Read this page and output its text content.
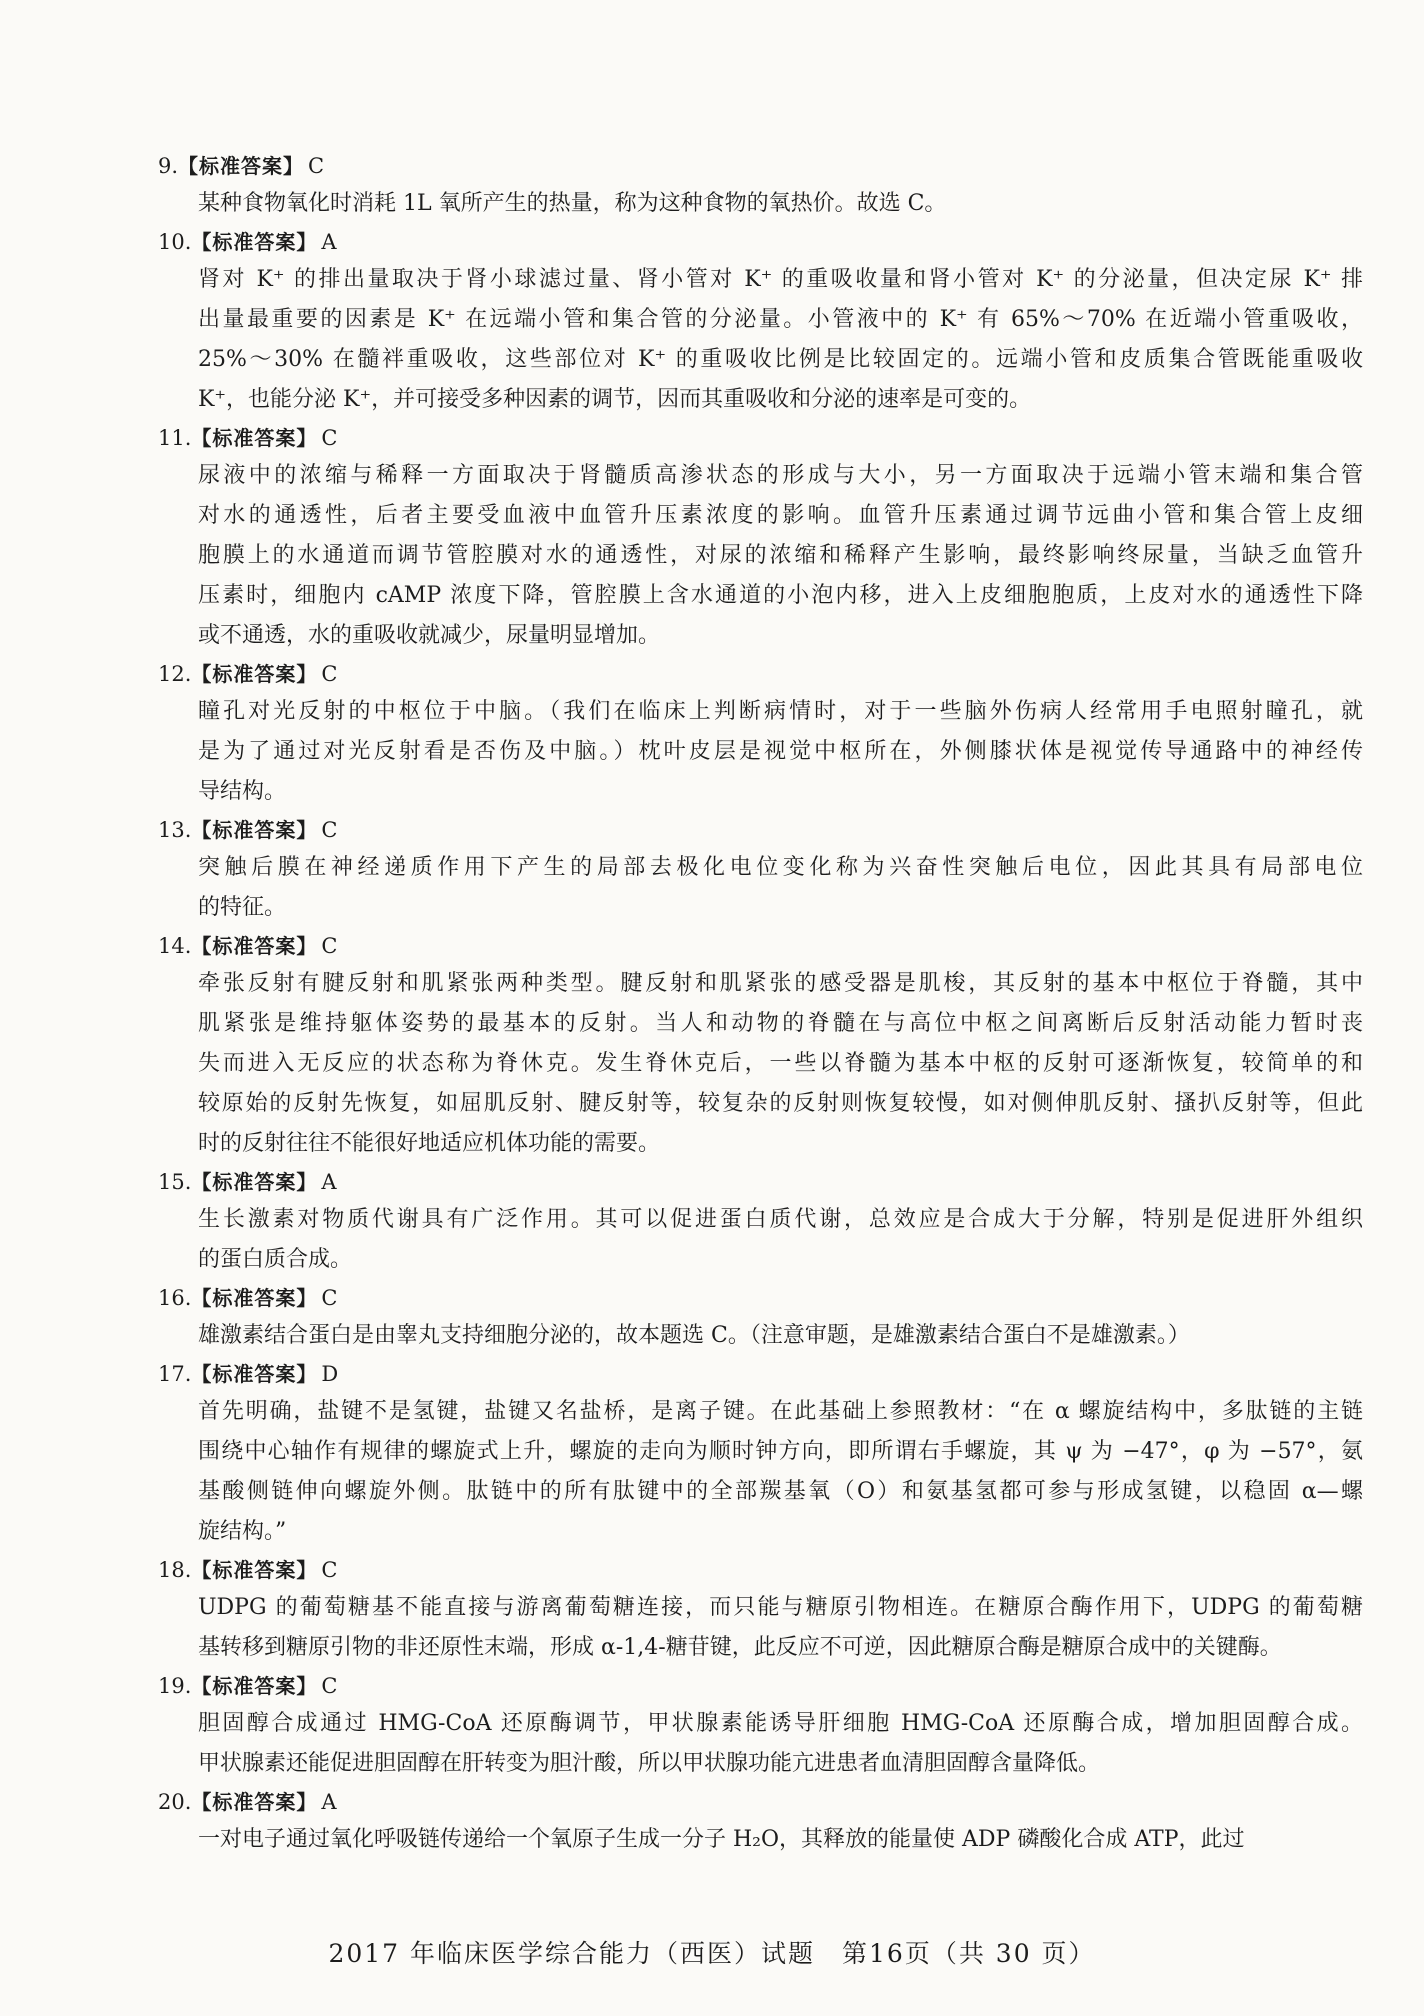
9. 【标准答案】 C
某种食物氧化时消耗 1L 氧所产生的热量，称为这种食物的氧热价。故选 C。
10. 【标准答案】 A
肾对 K⁺ 的排出量取决于肾小球滤过量、肾小管对 K⁺ 的重吸收量和肾小管对 K⁺ 的分泌量，但决定尿 K⁺ 排
出量最重要的因素是 K⁺ 在远端小管和集合管的分泌量。小管液中的 K⁺ 有 65%～70% 在近端小管重吸收，
25%～30% 在髓袢重吸收，这些部位对 K⁺ 的重吸收比例是比较固定的。远端小管和皮质集合管既能重吸收
K⁺，也能分泌 K⁺，并可接受多种因素的调节，因而其重吸收和分泌的速率是可变的。
11. 【标准答案】 C
尿液中的浓缩与稀释一方面取决于肾髓质高渗状态的形成与大小，另一方面取决于远端小管末端和集合管
对水的通透性，后者主要受血液中血管升压素浓度的影响。血管升压素通过调节远曲小管和集合管上皮细
胞膜上的水通道而调节管腔膜对水的通透性，对尿的浓缩和稀释产生影响，最终影响终尿量，当缺乏血管升
压素时，细胞内 cAMP 浓度下降，管腔膜上含水通道的小泡内移，进入上皮细胞胞质，上皮对水的通透性下降
或不通透，水的重吸收就减少，尿量明显增加。
12. 【标准答案】 C
瞳孔对光反射的中枢位于中脑。（我们在临床上判断病情时，对于一些脑外伤病人经常用手电照射瞳孔，就
是为了通过对光反射看是否伤及中脑。）枕叶皮层是视觉中枢所在，外侧膝状体是视觉传导通路中的神经传
导结构。
13. 【标准答案】 C
突触后膜在神经递质作用下产生的局部去极化电位变化称为兴奋性突触后电位，因此其具有局部电位
的特征。
14. 【标准答案】 C
牵张反射有腱反射和肌紧张两种类型。腱反射和肌紧张的感受器是肌梭，其反射的基本中枢位于脊髓，其中
肌紧张是维持躯体姿势的最基本的反射。当人和动物的脊髓在与高位中枢之间离断后反射活动能力暂时丧
失而进入无反应的状态称为脊休克。发生脊休克后，一些以脊髓为基本中枢的反射可逐渐恢复，较简单的和
较原始的反射先恢复，如屈肌反射、腱反射等，较复杂的反射则恢复较慢，如对侧伸肌反射、搔扒反射等，但此
时的反射往往不能很好地适应机体功能的需要。
15. 【标准答案】 A
生长激素对物质代谢具有广泛作用。其可以促进蛋白质代谢，总效应是合成大于分解，特别是促进肝外组织
的蛋白质合成。
16. 【标准答案】 C
雄激素结合蛋白是由睾丸支持细胞分泌的，故本题选 C。（注意审题，是雄激素结合蛋白不是雄激素。）
17. 【标准答案】 D
首先明确，盐键不是氢键，盐键又名盐桥，是离子键。在此基础上参照教材：“在 α 螺旋结构中，多肽链的主链
围绕中心轴作有规律的螺旋式上升，螺旋的走向为顺时钟方向，即所谓右手螺旋，其 ψ 为 −47°，φ 为 −57°，氨
基酸侧链伸向螺旋外侧。肽链中的所有肽键中的全部羰基氧（O）和氨基氢都可参与形成氢键，以稳固 α—螺
旋结构。”
18. 【标准答案】 C
UDPG 的葡萄糖基不能直接与游离葡萄糖连接，而只能与糖原引物相连。在糖原合酶作用下，UDPG 的葡萄糖
基转移到糖原引物的非还原性末端，形成 α-1,4-糖苷键，此反应不可逆，因此糖原合酶是糖原合成中的关键酶。
19. 【标准答案】 C
胆固醇合成通过 HMG-CoA 还原酶调节，甲状腺素能诱导肝细胞 HMG-CoA 还原酶合成，增加胆固醇合成。
甲状腺素还能促进胆固醇在肝转变为胆汁酸，所以甲状腺功能亢进患者血清胆固醇含量降低。
20. 【标准答案】 A
一对电子通过氧化呼吸链传递给一个氧原子生成一分子 H₂O，其释放的能量使 ADP 磷酸化合成 ATP，此过
2017 年临床医学综合能力（西医）试题　第16页（共 30 页）
